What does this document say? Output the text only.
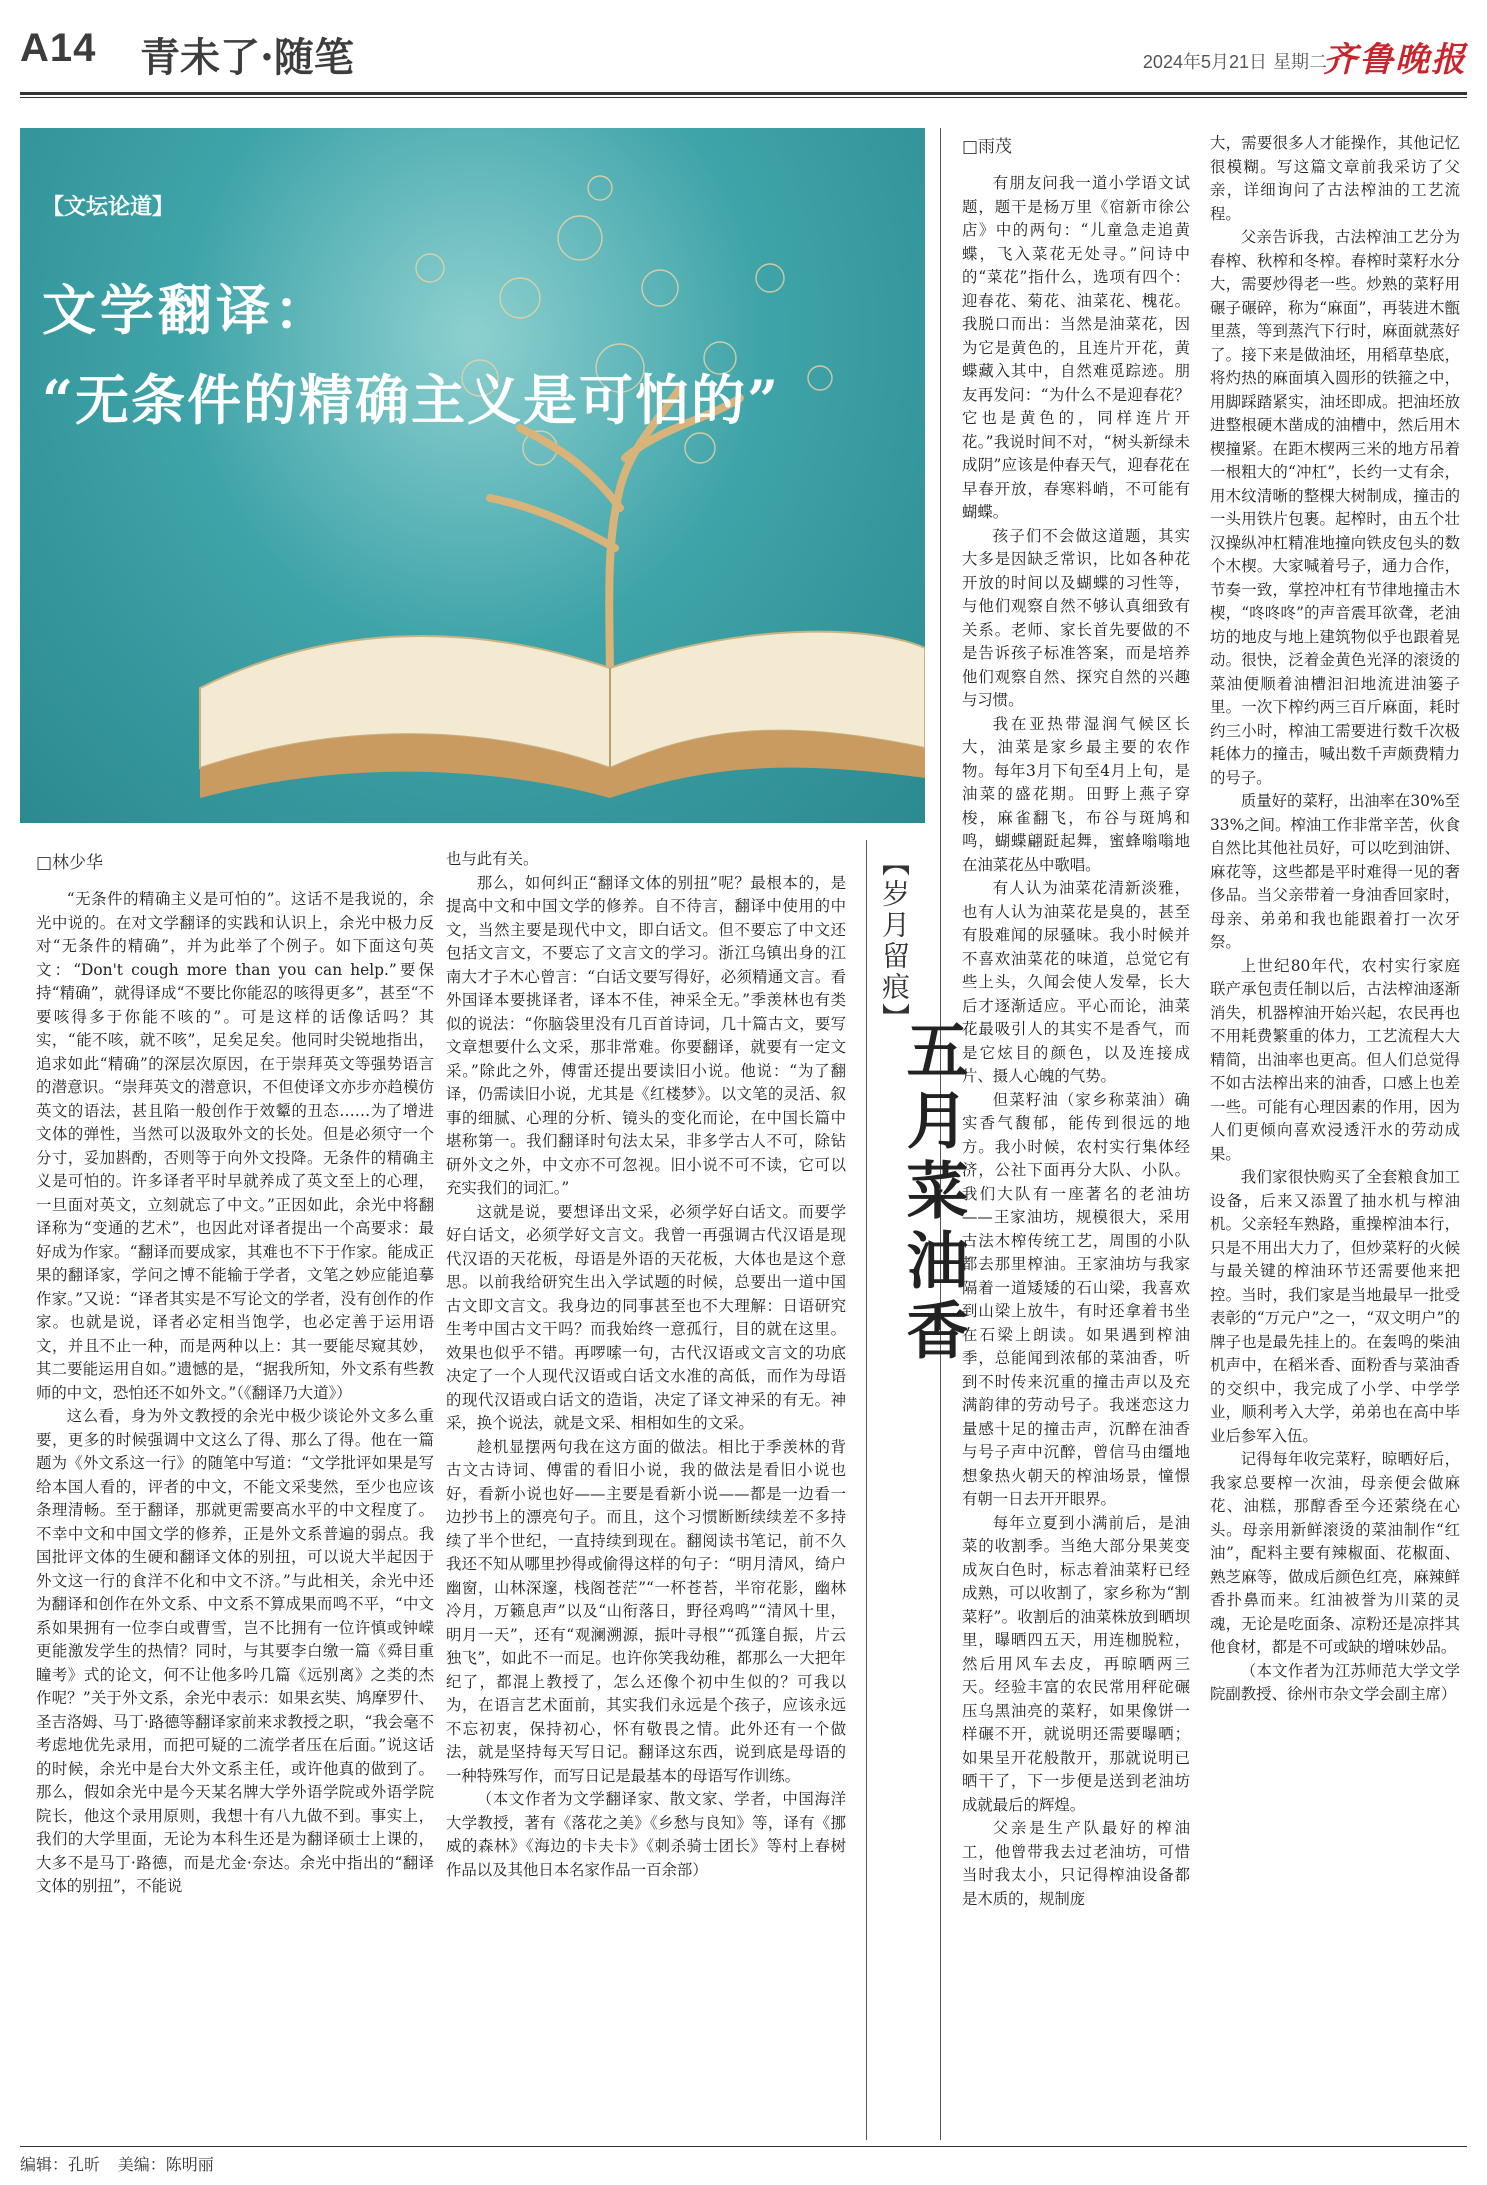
A14 青未了·随笔	2024年5月21日 星期二
齐鲁晚报
【文坛论道】
文学翻译：
“无条件的精确主义是可怕的”
□林少华

“无条件的精确主义是可怕的”。这话不是我说的，余光中说的。在对文学翻译的实践和认识上，余光中极力反对“无条件的精确”，并为此举了个例子。如下面这句英文：“Don't cough more than you can help.”要保持“精确”，就得译成“不要比你能忍的咳得更多”，甚至“不要咳得多于你能不咳的”。可是这样的话像话吗？其实，“能不咳，就不咳”，足矣足矣。他同时尖锐地指出，追求如此“精确”的深层次原因，在于崇拜英文等强势语言的潜意识。“崇拜英文的潜意识，不但使译文亦步亦趋模仿英文的语法，甚且陷一般创作于效颦的丑态……为了增进文体的弹性，当然可以汲取外文的长处。但是必须守一个分寸，妥加斟酌，否则等于向外文投降。无条件的精确主义是可怕的。许多译者平时早就养成了英文至上的心理，一旦面对英文，立刻就忘了中文。”正因如此，余光中将翻译称为“变通的艺术”，也因此对译者提出一个高要求：最好成为作家。“翻译而要成家，其难也不下于作家。能成正果的翻译家，学问之博不能输于学者，文笔之妙应能追摹作家。”又说：“译者其实是不写论文的学者，没有创作的作家。也就是说，译者必定相当饱学，也必定善于运用语文，并且不止一种，而是两种以上：其一要能尽窥其妙，其二要能运用自如。”遗憾的是，“据我所知，外文系有些教师的中文，恐怕还不如外文。”（《翻译乃大道》）

这么看，身为外文教授的余光中极少谈论外文多么重要，更多的时候强调中文这么了得、那么了得。他在一篇题为《外文系这一行》的随笔中写道：“文学批评如果是写给本国人看的，评者的中文，不能文采斐然，至少也应该条理清畅。至于翻译，那就更需要高水平的中文程度了。不幸中文和中国文学的修养，正是外文系普遍的弱点。我国批评文体的生硬和翻译文体的别扭，可以说大半起因于外文这一行的食洋不化和中文不济。”与此相关，余光中还为翻译和创作在外文系、中文系不算成果而鸣不平，“中文系如果拥有一位李白或曹雪，岂不比拥有一位许慎或钟嵘更能激发学生的热情？同时，与其要李白缴一篇《舜目重瞳考》式的论文，何不让他多吟几篇《远别离》之类的杰作呢？”关于外文系，余光中表示：如果玄奘、鸠摩罗什、圣吉洛姆、马丁·路德等翻译家前来求教授之职，“我会毫不考虑地优先录用，而把可疑的二流学者压在后面。”说这话的时候，余光中是台大外文系主任，或许他真的做到了。那么，假如余光中是今天某名牌大学外语学院或外语学院院长，他这个录用原则，我想十有八九做不到。事实上，我们的大学里面，无论为本科生还是为翻译硕士上课的，大多不是马丁·路德，而是尤金·奈达。余光中指出的“翻译文体的别扭”，不能说

也与此有关。

那么，如何纠正“翻译文体的别扭”呢？最根本的，是提高中文和中国文学的修养。自不待言，翻译中使用的中文，当然主要是现代中文，即白话文。但不要忘了中文还包括文言文，不要忘了文言文的学习。浙江乌镇出身的江南大才子木心曾言：“白话文要写得好，必须精通文言。看外国译本要挑译者，译本不佳，神采全无。”季羡林也有类似的说法：“你脑袋里没有几百首诗词，几十篇古文，要写文章想要什么文采，那非常难。你要翻译，就要有一定文采。”除此之外，傅雷还提出要读旧小说。他说：“为了翻译，仍需读旧小说，尤其是《红楼梦》。以文笔的灵活、叙事的细腻、心理的分析、镜头的变化而论，在中国长篇中堪称第一。我们翻译时句法太呆，非多学古人不可，除钻研外文之外，中文亦不可忽视。旧小说不可不读，它可以充实我们的词汇。”

这就是说，要想译出文采，必须学好白话文。而要学好白话文，必须学好文言文。我曾一再强调古代汉语是现代汉语的天花板，母语是外语的天花板，大体也是这个意思。以前我给研究生出入学试题的时候，总要出一道中国古文即文言文。我身边的同事甚至也不大理解：日语研究生考中国古文干吗？而我始终一意孤行，目的就在这里。效果也似乎不错。再啰嗦一句，古代汉语或文言文的功底决定了一个人现代汉语或白话文水准的高低，而作为母语的现代汉语或白话文的造诣，决定了译文神采的有无。神采，换个说法，就是文采、相相如生的文采。

趁机显摆两句我在这方面的做法。相比于季羡林的背古文古诗词、傅雷的看旧小说，我的做法是看旧小说也好，看新小说也好——主要是看新小说——都是一边看一边抄书上的漂亮句子。而且，这个习惯断断续续差不多持续了半个世纪，一直持续到现在。翻阅读书笔记，前不久我还不知从哪里抄得或偷得这样的句子：“明月清风，绮户幽窗，山林深邃，栈阁苍茫”“一杯苍苔，半帘花影，幽林冷月，万籁息声”以及“山衔落日，野径鸡鸣”“清风十里，明月一天”，还有“观澜溯源，振叶寻根”“孤篷自振，片云独飞”，如此不一而足。也许你笑我幼稚，都那么一大把年纪了，都混上教授了，怎么还像个初中生似的？可我以为，在语言艺术面前，其实我们永远是个孩子，应该永远不忘初衷，保持初心，怀有敬畏之情。此外还有一个做法，就是坚持每天写日记。翻译这东西，说到底是母语的一种特殊写作，而写日记是最基本的母语写作训练。

（本文作者为文学翻译家、散文家、学者，中国海洋大学教授，著有《落花之美》《乡愁与良知》等，译有《挪威的森林》《海边的卡夫卡》《刺杀骑士团长》等村上春树作品以及其他日本名家作品一百余部）

【岁月留痕】
五月菜油香
□雨茂

有朋友问我一道小学语文试题，题干是杨万里《宿新市徐公店》中的两句：“儿童急走追黄蝶，飞入菜花无处寻。”问诗中的“菜花”指什么，选项有四个：迎春花、菊花、油菜花、槐花。我脱口而出：当然是油菜花，因为它是黄色的，且连片开花，黄蝶藏入其中，自然难觅踪迹。朋友再发问：“为什么不是迎春花？它也是黄色的，同样连片开花。”我说时间不对，“树头新绿未成阴”应该是仲春天气，迎春花在早春开放，春寒料峭，不可能有蝴蝶。

孩子们不会做这道题，其实大多是因缺乏常识，比如各种花开放的时间以及蝴蝶的习性等，与他们观察自然不够认真细致有关系。老师、家长首先要做的不是告诉孩子标准答案，而是培养他们观察自然、探究自然的兴趣与习惯。

我在亚热带湿润气候区长大，油菜是家乡最主要的农作物。每年3月下旬至4月上旬，是油菜的盛花期。田野上燕子穿梭，麻雀翻飞，布谷与斑鸠和鸣，蝴蝶翩跹起舞，蜜蜂嗡嗡地在油菜花丛中歌唱。

有人认为油菜花清新淡雅，也有人认为油菜花是臭的，甚至有股难闻的尿骚味。我小时候并不喜欢油菜花的味道，总觉它有些上头，久闻会使人发晕，长大后才逐渐适应。平心而论，油菜花最吸引人的其实不是香气，而是它炫目的颜色，以及连接成片、摄人心魄的气势。

但菜籽油（家乡称菜油）确实香气馥郁，能传到很远的地方。我小时候，农村实行集体经济，公社下面再分大队、小队。我们大队有一座著名的老油坊——王家油坊，规模很大，采用古法木榨传统工艺，周围的小队都去那里榨油。王家油坊与我家隔着一道矮矮的石山梁，我喜欢到山梁上放牛，有时还拿着书坐在石梁上朗读。如果遇到榨油季，总能闻到浓郁的菜油香，听到不时传来沉重的撞击声以及充满韵律的劳动号子。我迷恋这力量感十足的撞击声，沉醉在油香与号子声中沉醉，曾信马由缰地想象热火朝天的榨油场景，憧憬有朝一日去开开眼界。

每年立夏到小满前后，是油菜的收割季。当绝大部分果荚变成灰白色时，标志着油菜籽已经成熟，可以收割了，家乡称为“割菜籽”。收割后的油菜株放到晒坝里，曝晒四五天，用连枷脱粒，然后用风车去皮，再晾晒两三天。经验丰富的农民常用秤砣碾压乌黑油亮的菜籽，如果像饼一样碾不开，就说明还需要曝晒；如果呈开花般散开，那就说明已晒干了，下一步便是送到老油坊成就最后的辉煌。

父亲是生产队最好的榨油工，他曾带我去过老油坊，可惜当时我太小，只记得榨油设备都是木质的，规制庞

大，需要很多人才能操作，其他记忆很模糊。写这篇文章前我采访了父亲，详细询问了古法榨油的工艺流程。

父亲告诉我，古法榨油工艺分为春榨、秋榨和冬榨。春榨时菜籽水分大，需要炒得老一些。炒熟的菜籽用碾子碾碎，称为“麻面”，再装进木甑里蒸，等到蒸汽下行时，麻面就蒸好了。接下来是做油坯，用稻草垫底，将灼热的麻面填入圆形的铁箍之中，用脚踩踏紧实，油坯即成。把油坯放进整根硬木凿成的油槽中，然后用木楔撞紧。在距木楔两三米的地方吊着一根粗大的“冲杠”，长约一丈有余，用木纹清晰的整棵大树制成，撞击的一头用铁片包裹。起榨时，由五个壮汉操纵冲杠精准地撞向铁皮包头的数个木楔。大家喊着号子，通力合作，节奏一致，掌控冲杠有节律地撞击木楔，“咚咚咚”的声音震耳欲聋，老油坊的地皮与地上建筑物似乎也跟着晃动。很快，泛着金黄色光泽的滚烫的菜油便顺着油槽汩汩地流进油篓子里。一次下榨约两三百斤麻面，耗时约三小时，榨油工需要进行数千次极耗体力的撞击，喊出数千声颇费精力的号子。

质量好的菜籽，出油率在30%至33%之间。榨油工作非常辛苦，伙食自然比其他社员好，可以吃到油饼、麻花等，这些都是平时难得一见的奢侈品。当父亲带着一身油香回家时，母亲、弟弟和我也能跟着打一次牙祭。

上世纪80年代，农村实行家庭联产承包责任制以后，古法榨油逐渐消失，机器榨油开始兴起，农民再也不用耗费繁重的体力，工艺流程大大精简，出油率也更高。但人们总觉得不如古法榨出来的油香，口感上也差一些。可能有心理因素的作用，因为人们更倾向喜欢浸透汗水的劳动成果。

我们家很快购买了全套粮食加工设备，后来又添置了抽水机与榨油机。父亲轻车熟路，重操榨油本行，只是不用出大力了，但炒菜籽的火候与最关键的榨油环节还需要他来把控。当时，我们家是当地最早一批受表彰的“万元户”之一，“双文明户”的牌子也是最先挂上的。在轰鸣的柴油机声中，在稻米香、面粉香与菜油香的交织中，我完成了小学、中学学业，顺利考入大学，弟弟也在高中毕业后参军入伍。

记得每年收完菜籽，晾晒好后，我家总要榨一次油，母亲便会做麻花、油糕，那醇香至今还萦绕在心头。母亲用新鲜滚烫的菜油制作“红油”，配料主要有辣椒面、花椒面、熟芝麻等，做成后颜色红亮，麻辣鲜香扑鼻而来。红油被誉为川菜的灵魂，无论是吃面条、凉粉还是凉拌其他食材，都是不可或缺的增味妙品。

（本文作者为江苏师范大学文学院副教授、徐州市杂文学会副主席）

编辑：孔昕 美编：陈明丽
